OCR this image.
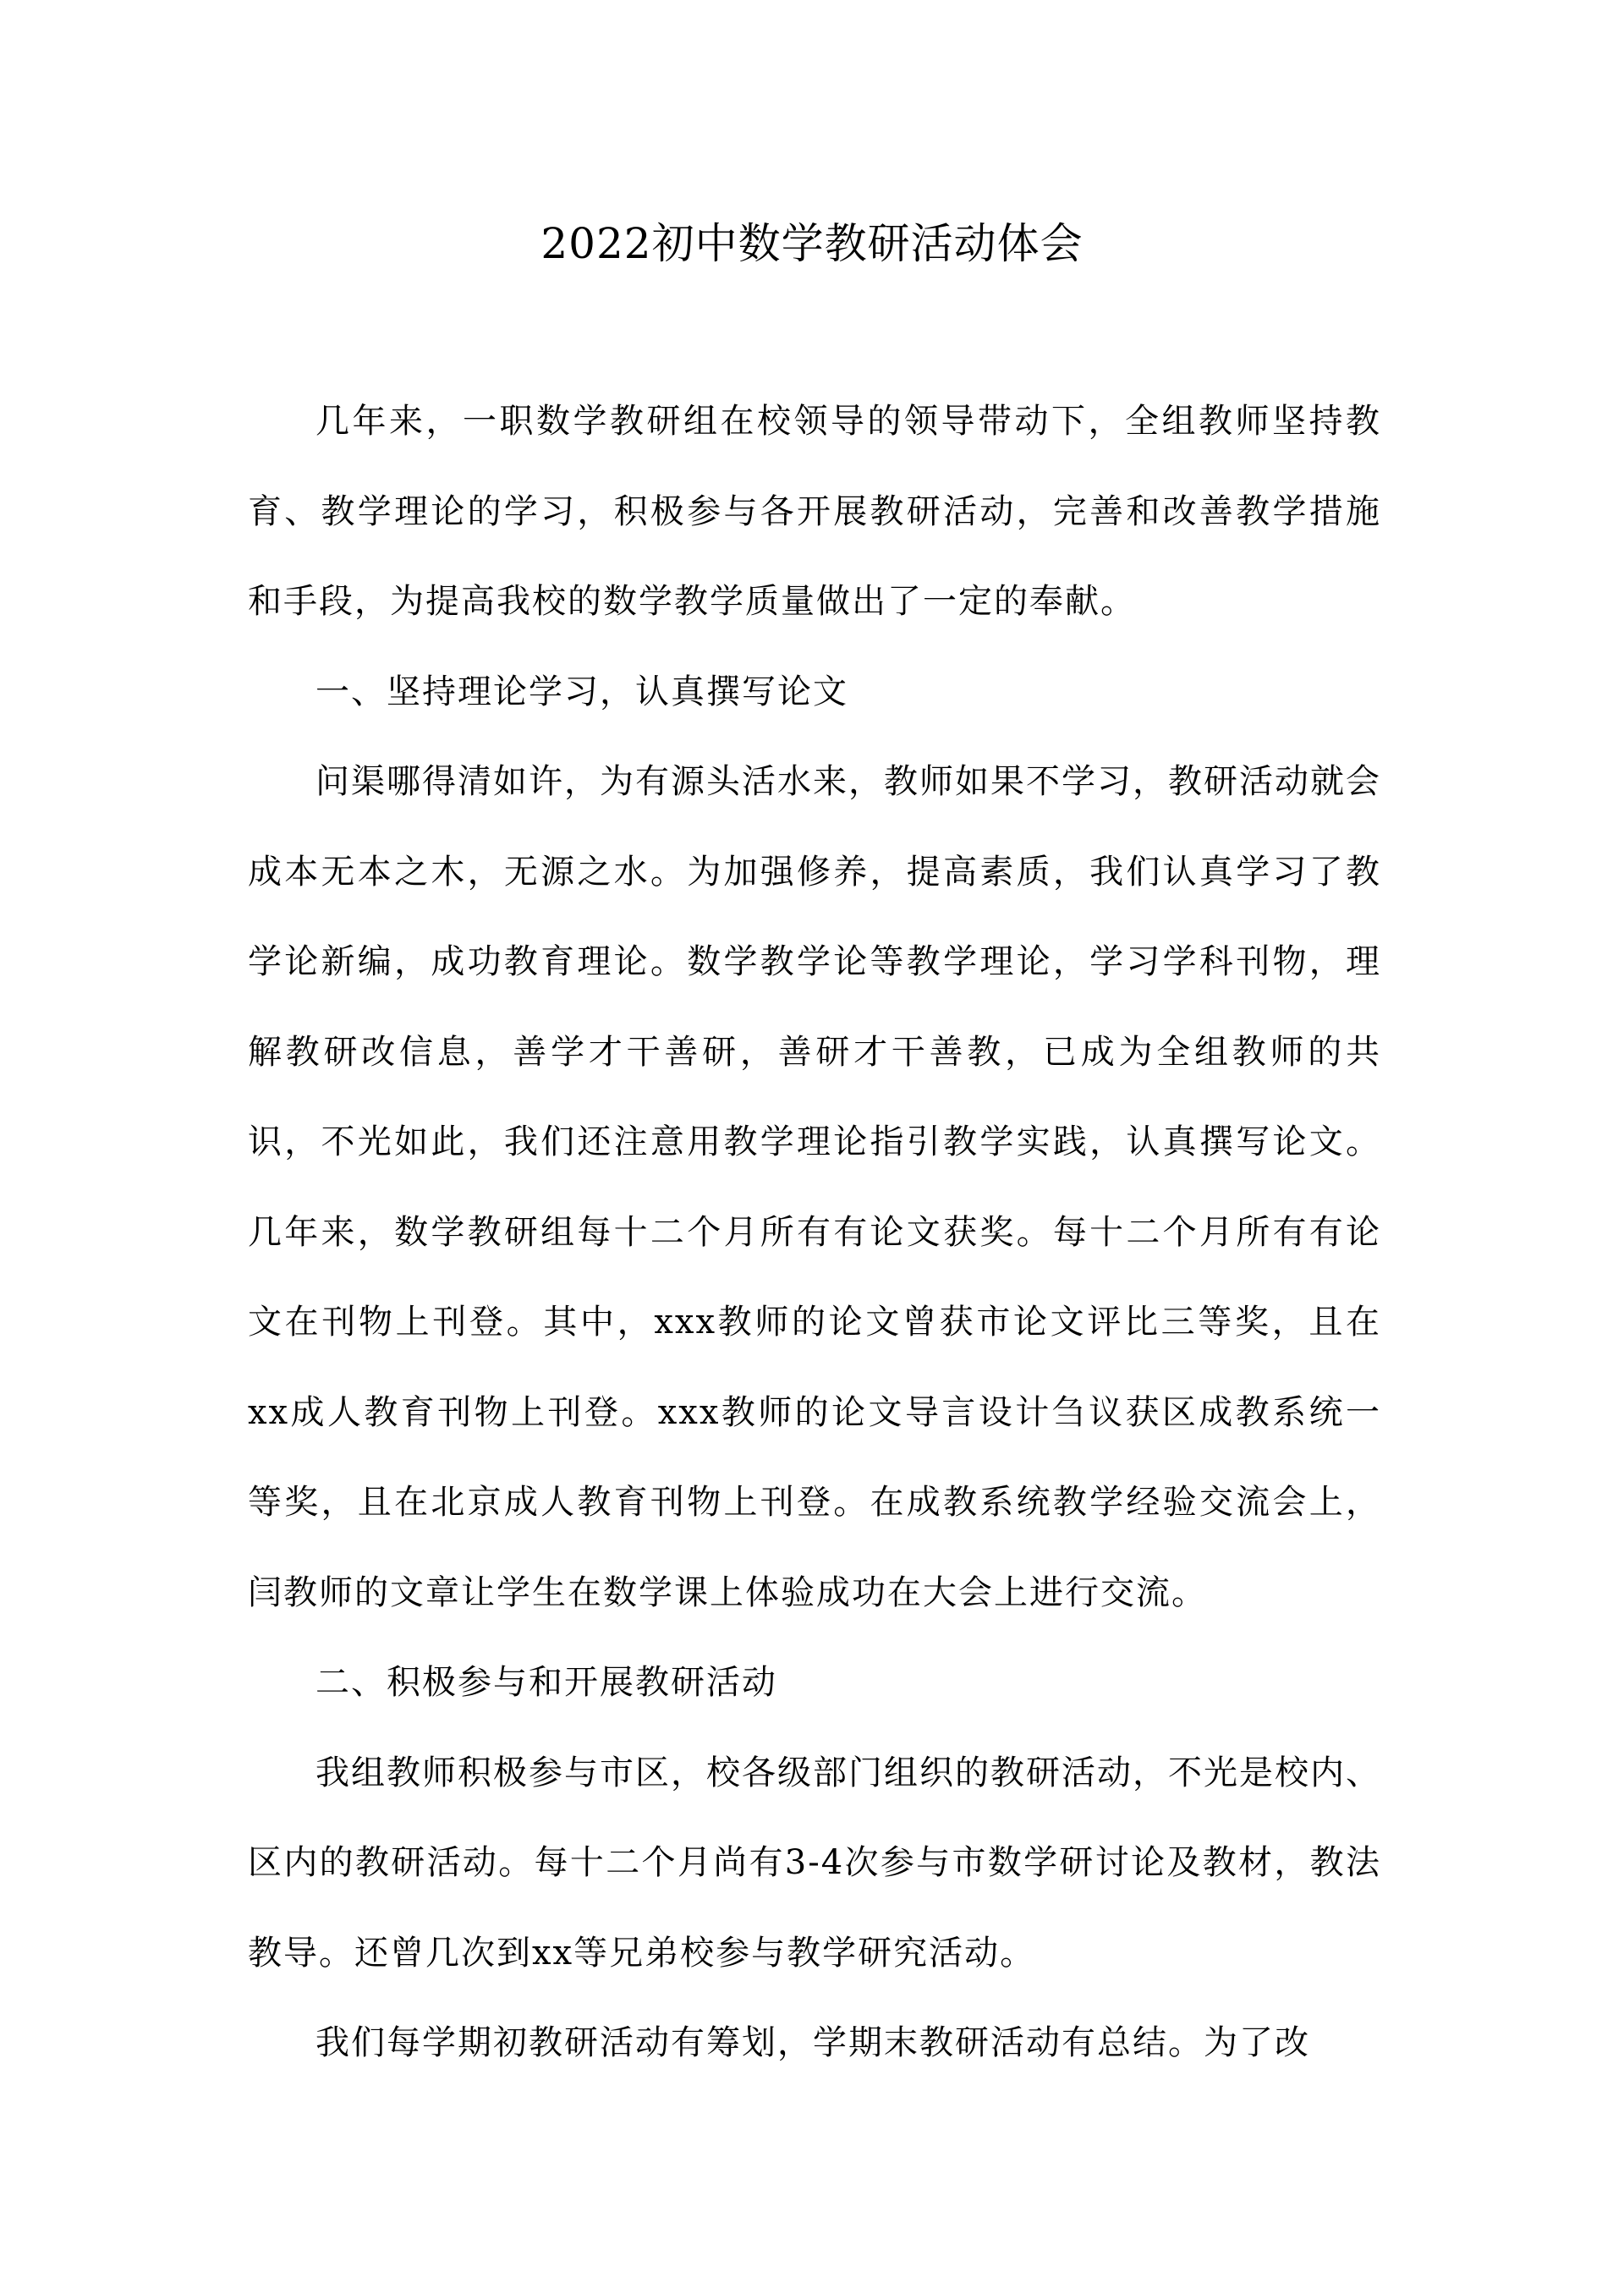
2022初中数学教研活动体会

几年来，一职数学教研组在校领导的领导带动下，全组教师坚持教育、教学理论的学习，积极参与各开展教研活动，完善和改善教学措施和手段，为提高我校的数学教学质量做出了一定的奉献。

一、坚持理论学习，认真撰写论文

问渠哪得清如许，为有源头活水来，教师如果不学习，教研活动就会成本无本之木，无源之水。为加强修养，提高素质，我们认真学习了教学论新编，成功教育理论。数学教学论等教学理论，学习学科刊物，理解教研改信息，善学才干善研，善研才干善教，已成为全组教师的共识，不光如此，我们还注意用教学理论指引教学实践，认真撰写论文。几年来，数学教研组每十二个月所有有论文获奖。每十二个月所有有论文在刊物上刊登。其中，xxx教师的论文曾获市论文评比三等奖，且在xx成人教育刊物上刊登。xxx教师的论文导言设计刍议获区成教系统一等奖，且在北京成人教育刊物上刊登。在成教系统教学经验交流会上，闫教师的文章让学生在数学课上体验成功在大会上进行交流。

二、积极参与和开展教研活动

我组教师积极参与市区，校各级部门组织的教研活动，不光是校内、区内的教研活动。每十二个月尚有3-4次参与市数学研讨论及教材，教法教导。还曾几次到xx等兄弟校参与教学研究活动。

我们每学期初教研活动有筹划，学期末教研活动有总结。为了改
